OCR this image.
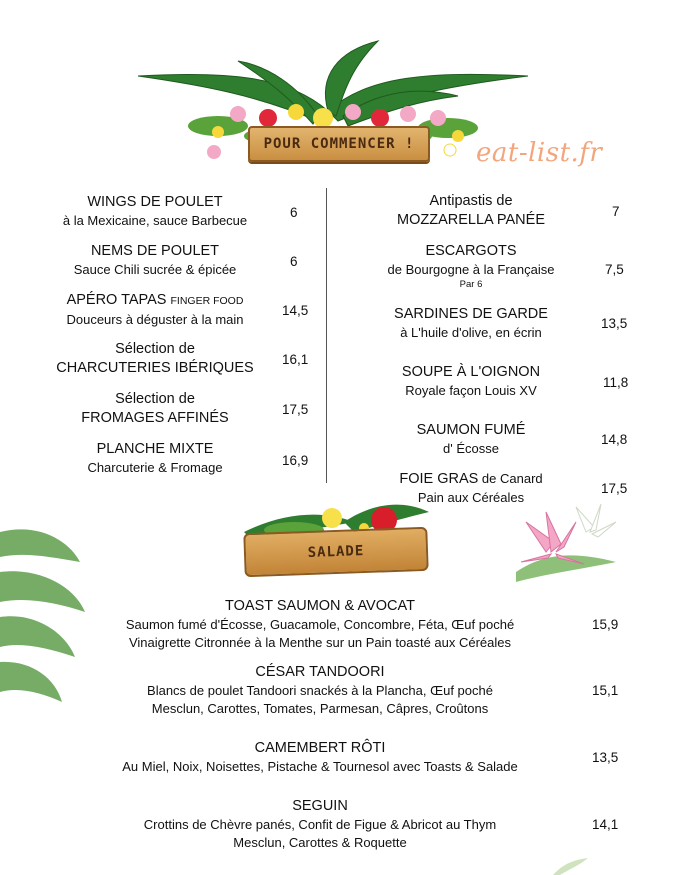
POUR COMMENCER ! eat-list.fr
WINGS DE POULET
à la Mexicaine, sauce Barbecue
6
NEMS DE POULET
Sauce Chili sucrée & épicée
6
APÉRO TAPAS FINGER FOOD
Douceurs à déguster à la main
14,5
Sélection de
CHARCUTERIES IBÉRIQUES
16,1
Sélection de
FROMAGES AFFINÉS
17,5
PLANCHE MIXTE
Charcuterie & Fromage	16,9
Antipastis de
MOZZARELLA PANÉE
7
ESCARGOTS
de Bourgogne à la Française
Par 6
7,5
SARDINES DE GARDE
à L'huile d'olive, en écrin
13,5
SOUPE À L'OIGNON
Royale façon Louis XV
11,8
SAUMON FUMÉ
d' Écosse
14,8
FOIE GRAS de Canard
Pain aux Céréales
17,5
SALADE
TOAST SAUMON & AVOCAT
Saumon fumé d'Écosse, Guacamole, Concombre, Féta, Œuf poché
Vinaigrette Citronnée à la Menthe sur un Pain toasté aux Céréales
15,9
CÉSAR TANDOORI
Blancs de poulet Tandoori snackés à la Plancha, Œuf poché
Mesclun, Carottes, Tomates, Parmesan, Câpres, Croûtons
15,1
CAMEMBERT RÔTI
Au Miel, Noix, Noisettes, Pistache & Tournesol avec Toasts & Salade
13,5
SEGUIN
Crottins de Chèvre panés, Confit de Figue & Abricot au Thym
Mesclun, Carottes & Roquette
14,1
